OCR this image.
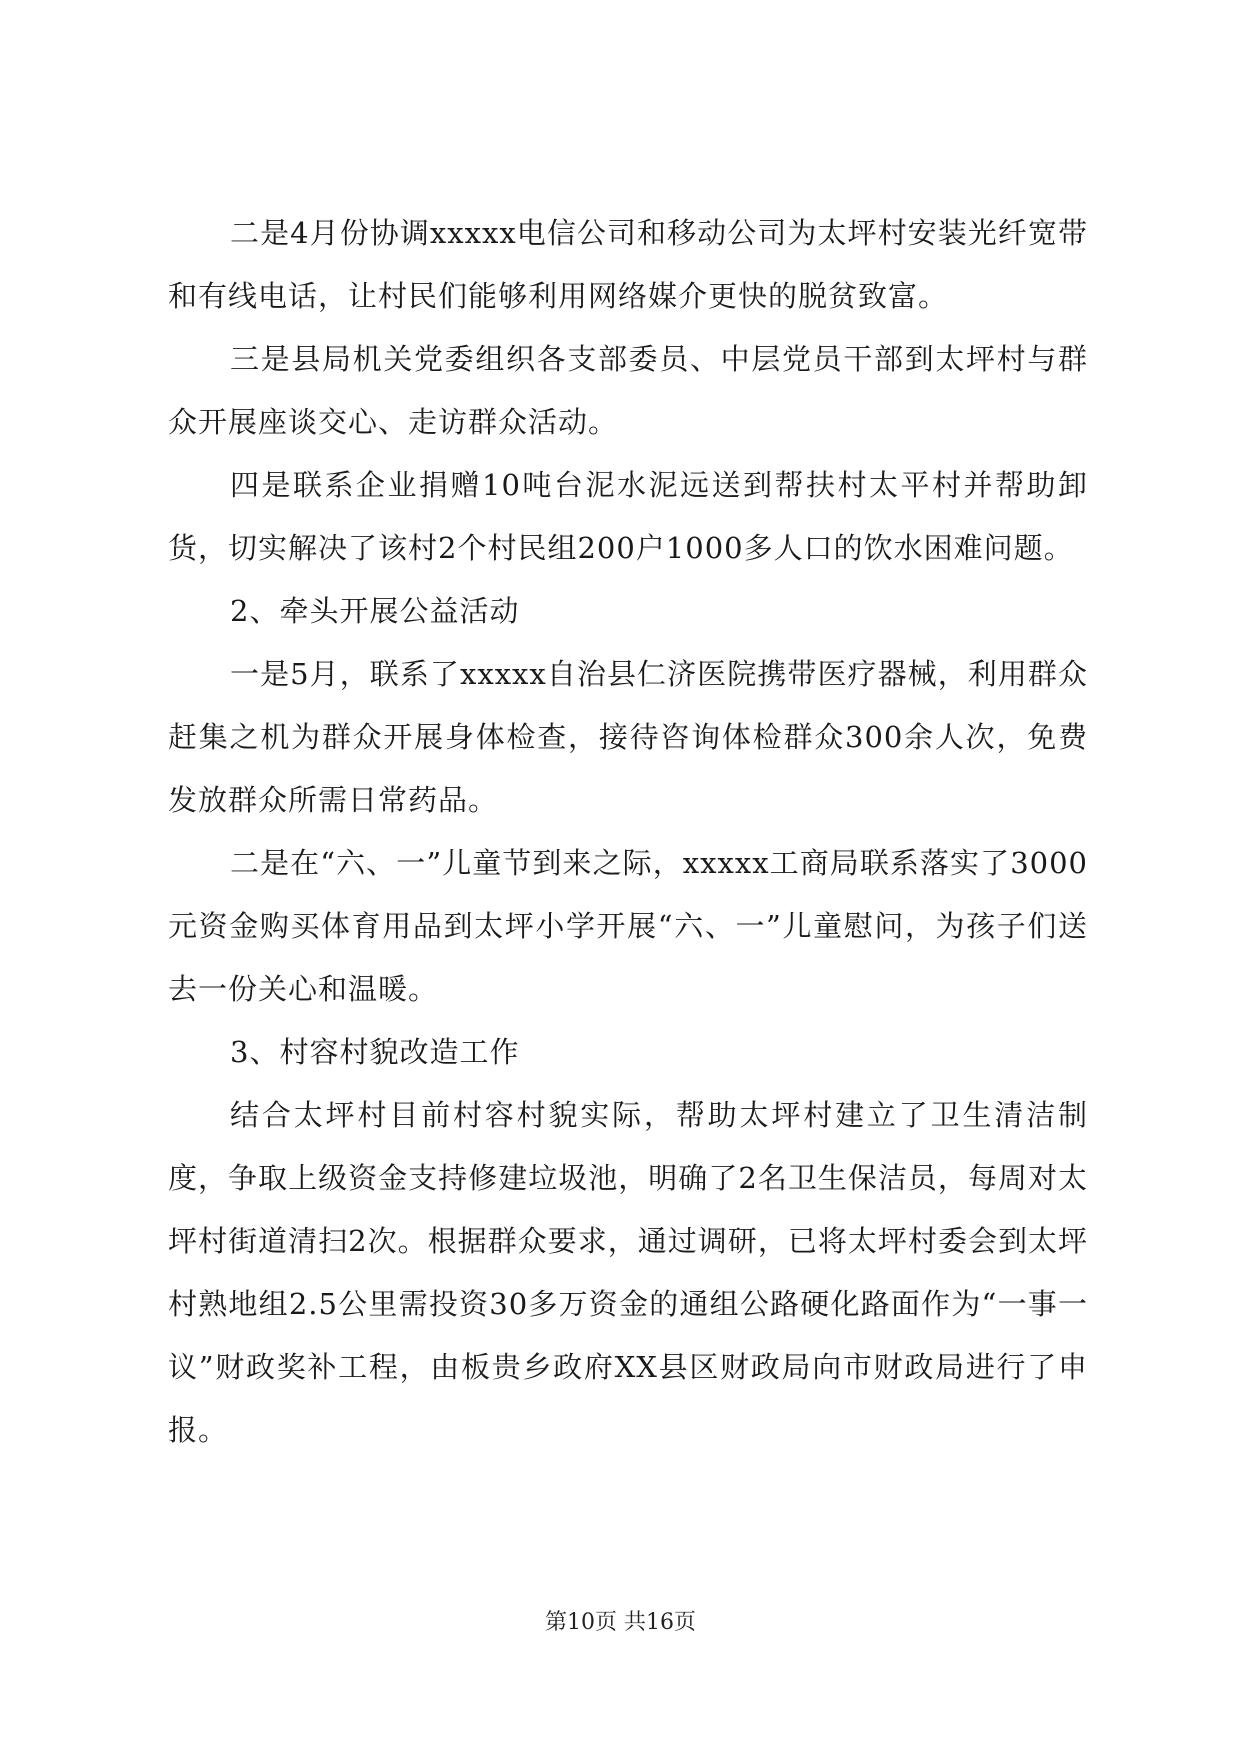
二是4月份协调xxxxx电信公司和移动公司为太坪村安装光纤宽带和有线电话，让村民们能够利用网络媒介更快的脱贫致富。

三是县局机关党委组织各支部委员、中层党员干部到太坪村与群众开展座谈交心、走访群众活动。

四是联系企业捐赠10吨台泥水泥远送到帮扶村太平村并帮助卸货，切实解决了该村2个村民组200户1000多人口的饮水困难问题。

2、牵头开展公益活动

一是5月，联系了xxxxx自治县仁济医院携带医疗器械，利用群众赶集之机为群众开展身体检查，接待咨询体检群众300余人次，免费发放群众所需日常药品。

二是在“六、一”儿童节到来之际，xxxxx工商局联系落实了3000元资金购买体育用品到太坪小学开展“六、一”儿童慰问，为孩子们送去一份关心和温暖。

3、村容村貌改造工作

结合太坪村目前村容村貌实际，帮助太坪村建立了卫生清洁制度，争取上级资金支持修建垃圾池，明确了2名卫生保洁员，每周对太坪村街道清扫2次。根据群众要求，通过调研，已将太坪村委会到太坪村熟地组2.5公里需投资30多万资金的通组公路硬化路面作为“一事一议”财政奖补工程，由板贵乡政府XX县区财政局向市财政局进行了申报。

第10页 共16页
